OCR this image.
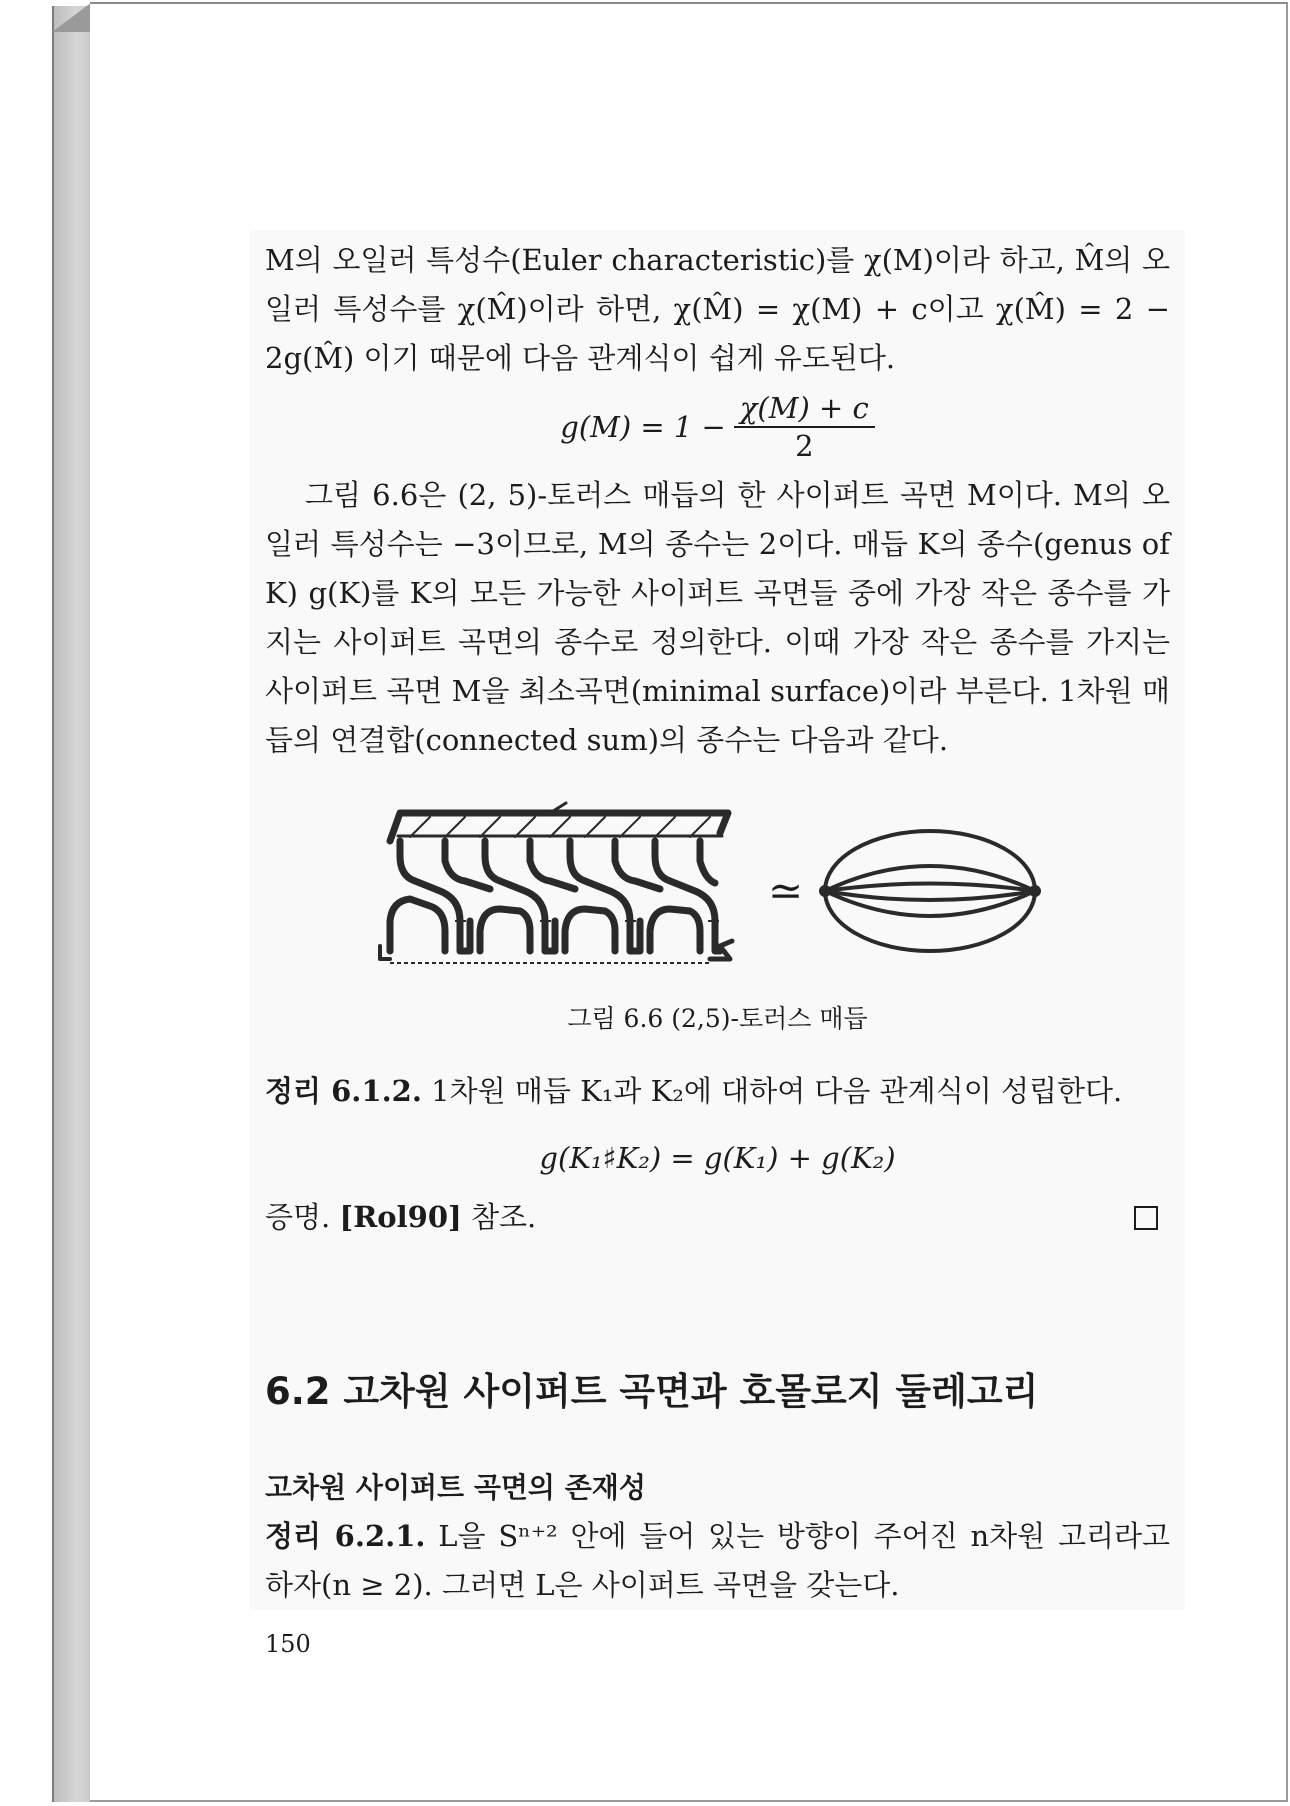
M의 오일러 특성수(Euler characteristic)를 χ(M)이라 하고, M̂의 오일러 특성수를 χ(M̂)이라 하면, χ(M̂) = χ(M) + c이고 χ(M̂) = 2 − 2g(M̂) 이기 때문에 다음 관계식이 쉽게 유도된다.

$g(M) = 1 - \frac{\chi(M) + c}{2}$

그림 6.6은 (2, 5)-토러스 매듭의 한 사이퍼트 곡면 M이다. M의 오일러 특성수는 −3이므로, M의 종수는 2이다. 매듭 K의 종수(genus of K) g(K)를 K의 모든 가능한 사이퍼트 곡면들 중에 가장 작은 종수를 가지는 사이퍼트 곡면의 종수로 정의한다. 이때 가장 작은 종수를 가지는 사이퍼트 곡면 M을 최소곡면(minimal surface)이라 부른다. 1차원 매듭의 연결합(connected sum)의 종수는 다음과 같다.

≃
그림 6.6 (2,5)-토러스 매듭

정리 6.1.2. 1차원 매듭 K₁과 K₂에 대하여 다음 관계식이 성립한다.

g(K₁♯K₂) = g(K₁) + g(K₂)

증명. [Rol90] 참조.
6.2 고차원 사이퍼트 곡면과 호몰로지 둘레고리
고차원 사이퍼트 곡면의 존재성

정리 6.2.1. L을 Sⁿ⁺² 안에 들어 있는 방향이 주어진 n차원 고리라고 하자(n ≥ 2). 그러면 L은 사이퍼트 곡면을 갖는다.

150
